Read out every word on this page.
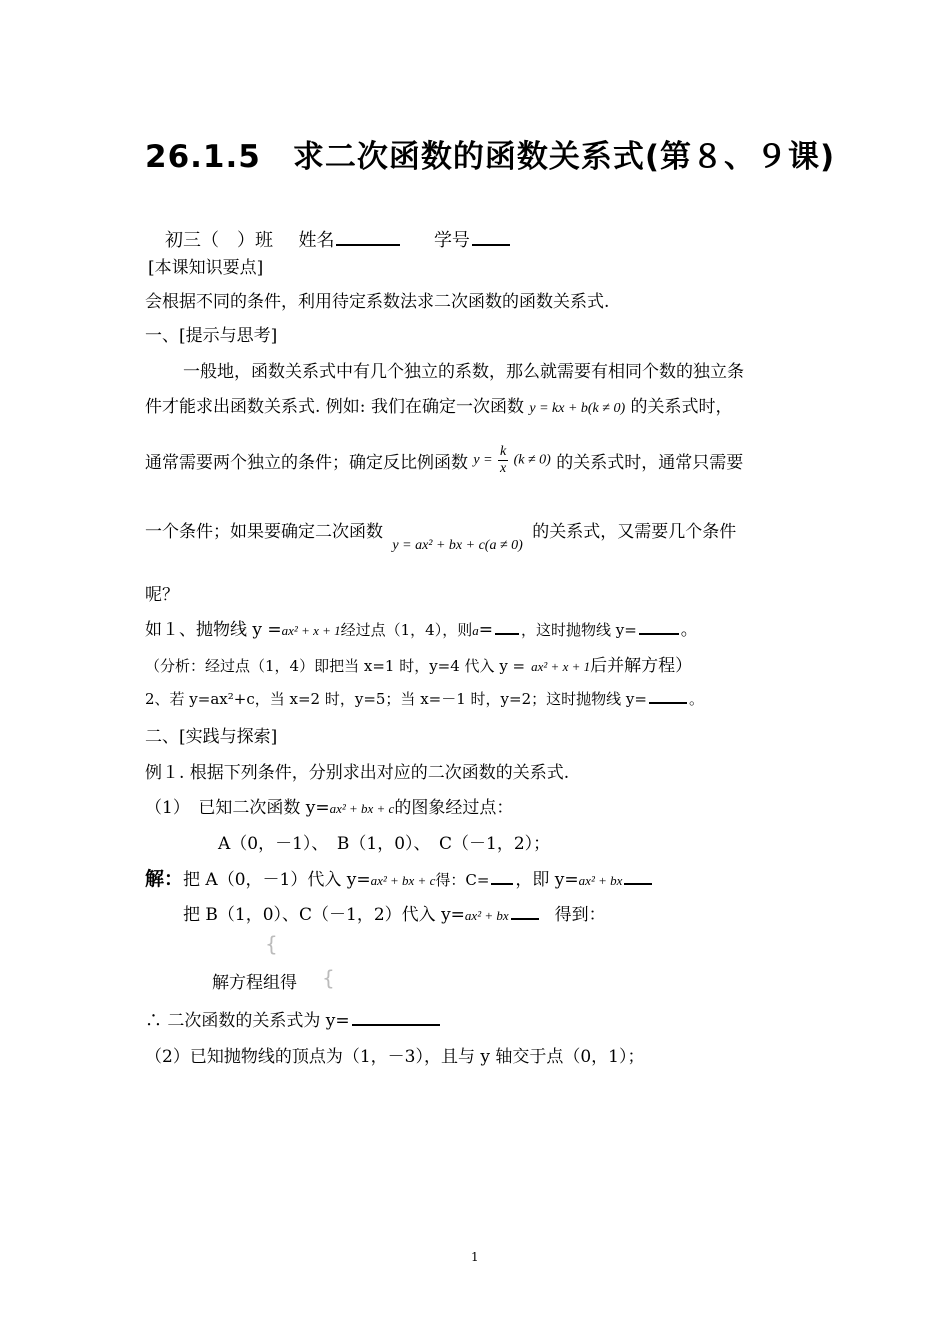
26.1.5　求二次函数的函数关系式(第８、９课)
初三（　）班 姓名	学号
[本课知识要点]
会根据不同的条件，利用待定系数法求二次函数的函数关系式.
一、[提示与思考]
一般地，函数关系式中有几个独立的系数，那么就需要有相同个数的独立条
件才能求出函数关系式. 例如: 我们在确定一次函数 y = kx + b(k ≠ 0) 的关系式时，
通常需要两个独立的条件；确定反比例函数 $y = \frac{k}{x} (k \ne 0)$ 的关系式时，通常只需要
一个条件；如果要确定二次函数 $_{y = ax^2 + bx + c(a \ne 0)}$ 的关系式，又需要几个条件
呢？
如１、抛物线 y =ax² + x + 1经过点（1，4），则a= ，这时抛物线 y=	。
（分析：经过点（1，4）即把当 x=1 时，y=4 代入 y = ax² + x + 1后并解方程）
2、若 y=ax²+c，当 x=2 时，y=5；当 x=－1 时，y=2；这时抛物线 y=	。
二、[实践与探索]
例１. 根据下列条件，分别求出对应的二次函数的关系式.
（1）　已知二次函数 y=ax² + bx + c的图象经过点：
A（0，－1）、　B（1，0）、　C（－1，2）；
解：把 A（0，－1）代入 y=ax² + bx + c得：C= ，即 y=ax² + bx
把 B（1，0）、C（－1，2）代入 y=ax² + bx	得到：
{
解方程组得 {
∴ 二次函数的关系式为 y=
（2）已知抛物线的顶点为（1，－3），且与 y 轴交于点（0，1）；
1
